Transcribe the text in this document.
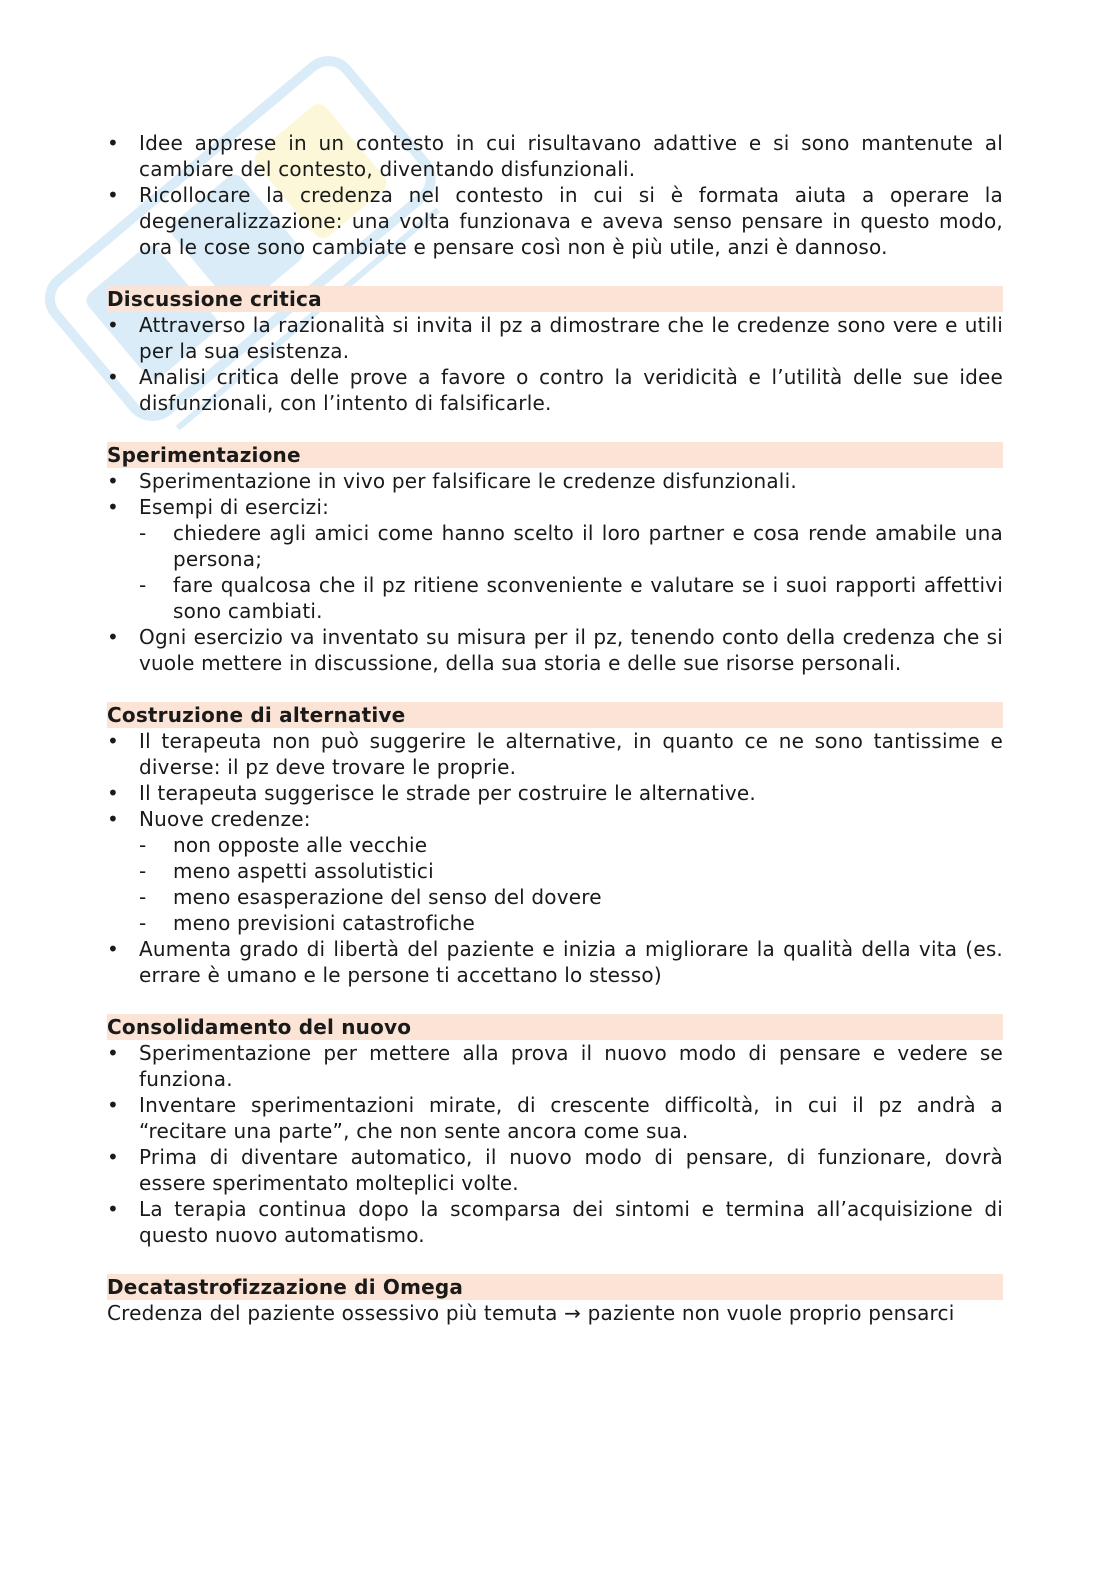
• Idee apprese in un contesto in cui risultavano adattive e si sono mantenute al cambiare del contesto, diventando disfunzionali.
• Ricollocare la credenza nel contesto in cui si è formata aiuta a operare la degeneralizzazione: una volta funzionava e aveva senso pensare in questo modo, ora le cose sono cambiate e pensare così non è più utile, anzi è dannoso.
Discussione critica
• Attraverso la razionalità si invita il pz a dimostrare che le credenze sono vere e utili per la sua esistenza.
• Analisi critica delle prove a favore o contro la veridicità e l’utilità delle sue idee disfunzionali, con l’intento di falsificarle.
Sperimentazione
• Sperimentazione in vivo per falsificare le credenze disfunzionali.
• Esempi di esercizi:
- chiedere agli amici come hanno scelto il loro partner e cosa rende amabile una persona;
- fare qualcosa che il pz ritiene sconveniente e valutare se i suoi rapporti affettivi sono cambiati.
• Ogni esercizio va inventato su misura per il pz, tenendo conto della credenza che si vuole mettere in discussione, della sua storia e delle sue risorse personali.
Costruzione di alternative
• Il terapeuta non può suggerire le alternative, in quanto ce ne sono tantissime e diverse: il pz deve trovare le proprie.
• Il terapeuta suggerisce le strade per costruire le alternative.
• Nuove credenze:
- non opposte alle vecchie
- meno aspetti assolutistici
- meno esasperazione del senso del dovere
- meno previsioni catastrofiche
• Aumenta grado di libertà del paziente e inizia a migliorare la qualità della vita (es. errare è umano e le persone ti accettano lo stesso)
Consolidamento del nuovo
• Sperimentazione per mettere alla prova il nuovo modo di pensare e vedere se funziona.
• Inventare sperimentazioni mirate, di crescente difficoltà, in cui il pz andrà a “recitare una parte”, che non sente ancora come sua.
• Prima di diventare automatico, il nuovo modo di pensare, di funzionare, dovrà essere sperimentato molteplici volte.
• La terapia continua dopo la scomparsa dei sintomi e termina all’acquisizione di questo nuovo automatismo.
Decatastrofizzazione di Omega

Credenza del paziente ossessivo più temuta → paziente non vuole proprio pensarci
